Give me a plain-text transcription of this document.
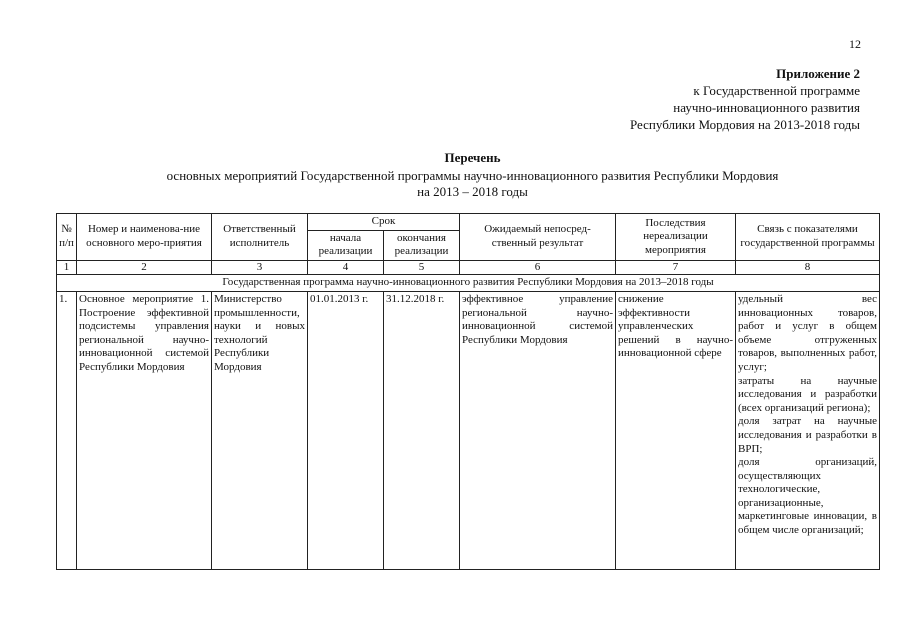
12
Приложение 2
к Государственной программе
научно-инновационного развития
Республики Мордовия на 2013-2018 годы
Перечень
основных мероприятий Государственной программы научно-инновационного развития Республики Мордовия
на 2013 – 2018 годы
№ п/п	Номер и наименова-ние основного меро-приятия	Ответственный исполнитель	Срок		Ожидаемый непосред-ственный результат	Последствия нереализации мероприятия	Связь с показателями государственной программы
			начала реализации	окончания реализации			
1	2	3	4	5	6	7	8
Государственная программа научно-инновационного развития Республики Мордовия на 2013–2018 годы							
1.	Основное мероприятие 1. Построение эффективной подсистемы управления региональной научно-инновационной системой Республики Мордовия	Министерство промышленности, науки и новых технологий Республики Мордовия	01.01.2013 г.	31.12.2018 г.	эффективное управление региональной научно-инновационной системой Республики Мордовия	снижение эффективности управленческих решений в научно-инновационной сфере	удельный вес инновационных товаров, работ и услуг в общем объеме отгруженных товаров, выполненных работ, услуг;
затраты на научные исследования и разработки (всех организаций региона);
доля затрат на научные исследования и разработки в ВРП;
доля организаций, осуществляющих технологические, организационные, маркетинговые инновации, в общем числе организаций;
